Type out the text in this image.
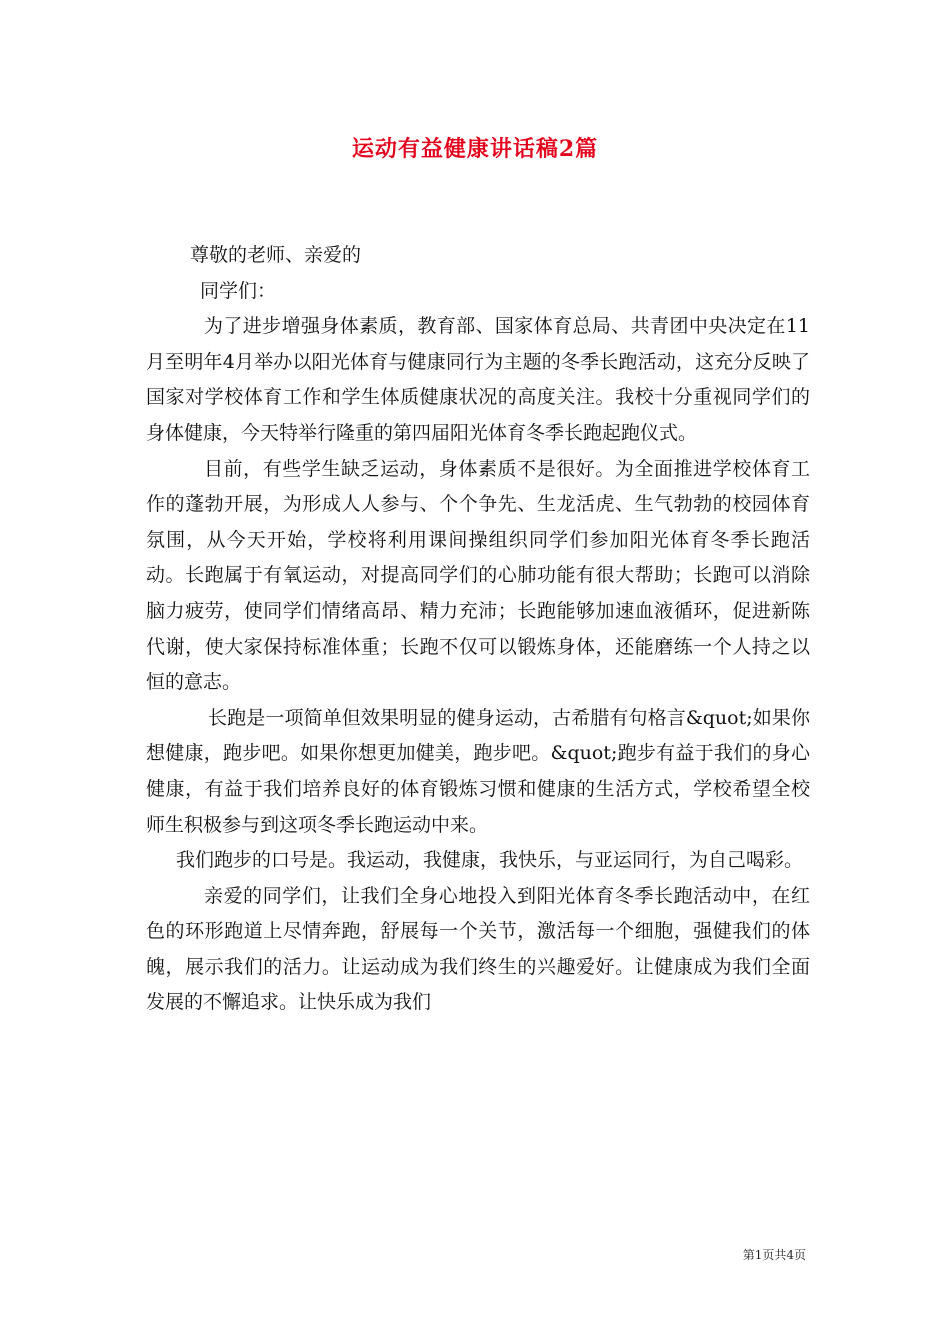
运动有益健康讲话稿2篇

尊敬的老师、亲爱的

同学们：

为了进步增强身体素质，教育部、国家体育总局、共青团中央决定在11月至明年4月举办以阳光体育与健康同行为主题的冬季长跑活动，这充分反映了国家对学校体育工作和学生体质健康状况的高度关注。我校十分重视同学们的身体健康，今天特举行隆重的第四届阳光体育冬季长跑起跑仪式。

目前，有些学生缺乏运动，身体素质不是很好。为全面推进学校体育工作的蓬勃开展，为形成人人参与、个个争先、生龙活虎、生气勃勃的校园体育氛围，从今天开始，学校将利用课间操组织同学们参加阳光体育冬季长跑活动。长跑属于有氧运动，对提高同学们的心肺功能有很大帮助；长跑可以消除脑力疲劳，使同学们情绪高昂、精力充沛；长跑能够加速血液循环，促进新陈代谢，使大家保持标准体重；长跑不仅可以锻炼身体，还能磨练一个人持之以恒的意志。

长跑是一项简单但效果明显的健身运动，古希腊有句格言&quot;如果你想健康，跑步吧。如果你想更加健美，跑步吧。&quot;跑步有益于我们的身心健康，有益于我们培养良好的体育锻炼习惯和健康的生活方式，学校希望全校师生积极参与到这项冬季长跑运动中来。

我们跑步的口号是。我运动，我健康，我快乐，与亚运同行，为自己喝彩。

亲爱的同学们，让我们全身心地投入到阳光体育冬季长跑活动中，在红色的环形跑道上尽情奔跑，舒展每一个关节，激活每一个细胞，强健我们的体魄，展示我们的活力。让运动成为我们终生的兴趣爱好。让健康成为我们全面发展的不懈追求。让快乐成为我们

第1页共4页
